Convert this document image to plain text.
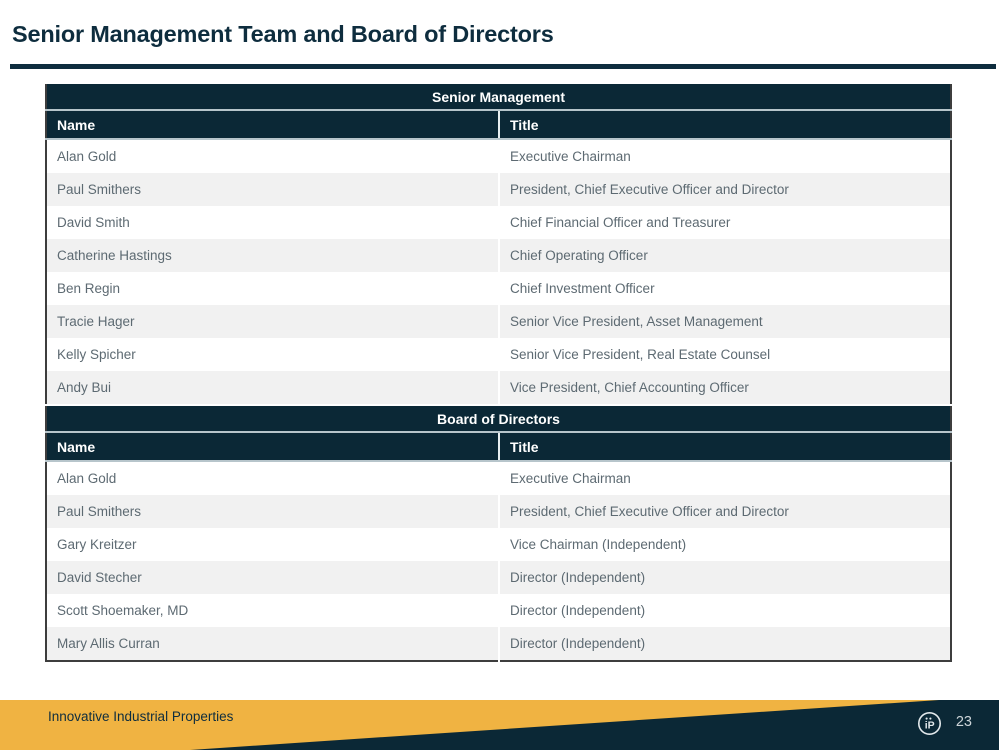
Senior Management Team and Board of Directors
Senior Management	
Name	Title
Alan Gold	Executive Chairman
Paul Smithers	President, Chief Executive Officer and Director
David Smith	Chief Financial Officer and Treasurer
Catherine Hastings	Chief Operating Officer
Ben Regin	Chief Investment Officer
Tracie Hager	Senior Vice President, Asset Management
Kelly Spicher	Senior Vice President, Real Estate Counsel
Andy Bui	Vice President, Chief Accounting Officer
Board of Directors	
Name	Title
Alan Gold	Executive Chairman
Paul Smithers	President, Chief Executive Officer and Director
Gary Kreitzer	Vice Chairman (Independent)
David Stecher	Director (Independent)
Scott Shoemaker, MD	Director (Independent)
Mary Allis Curran	Director (Independent)
Innovative Industrial Properties
iP 23
